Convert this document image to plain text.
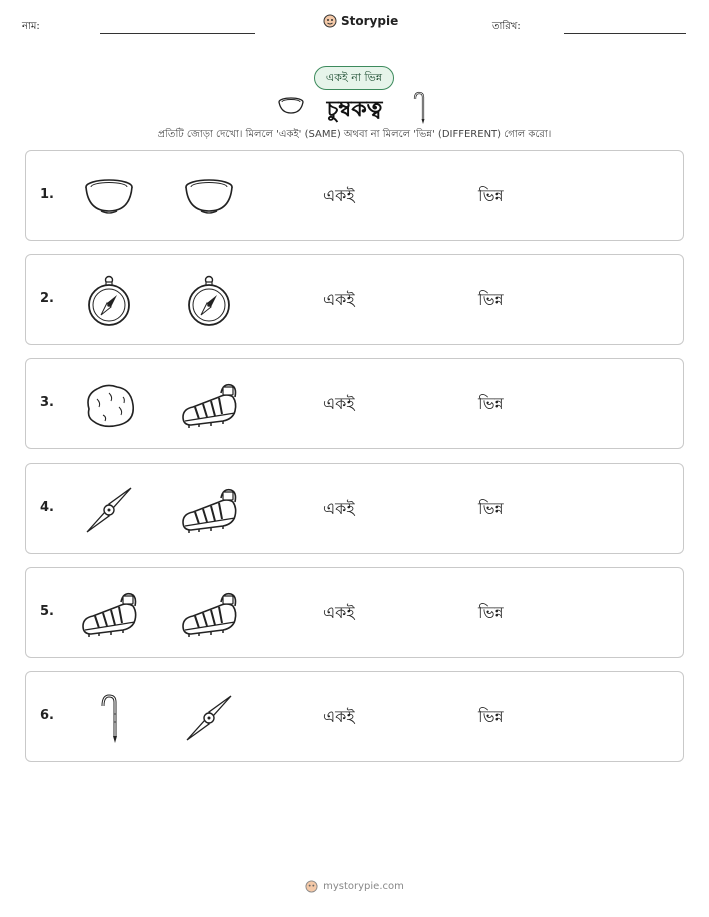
নাম:	Storypie	তারিখ:
একই না ভিন্ন
চুম্বকত্ব
প্রতিটি জোড়া দেখো। মিললে 'একই' (SAME) অথবা না মিললে 'ভিন্ন' (DIFFERENT) গোল করো।
1.	একই	ভিন্ন
2.	একই	ভিন্ন
3.	একই	ভিন্ন
4.	একই	ভিন্ন
5.	একই	ভিন্ন
6.	একই	ভিন্ন
mystorypie.com
